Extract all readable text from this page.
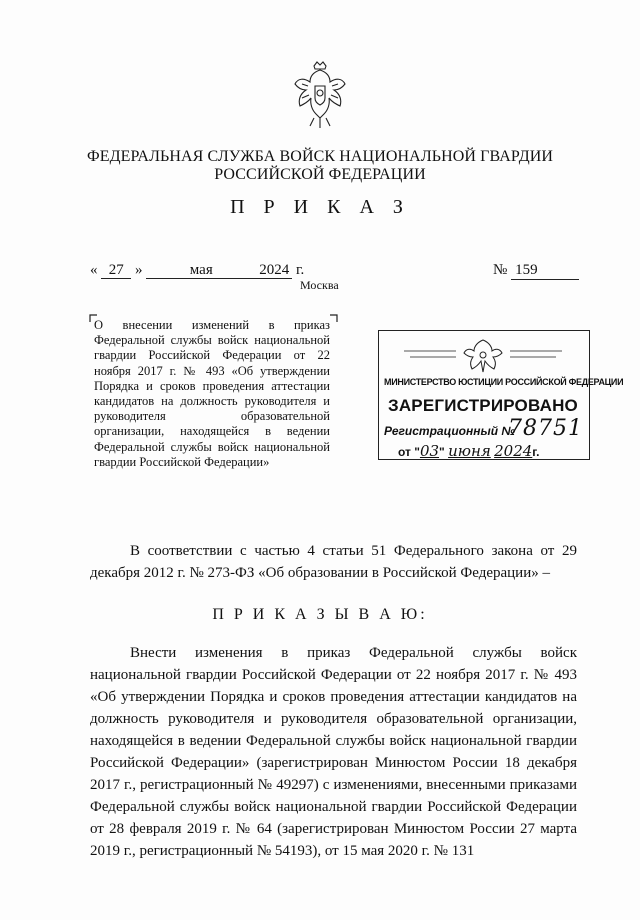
ФЕДЕРАЛЬНАЯ СЛУЖБА ВОЙСК НАЦИОНАЛЬНОЙ ГВАРДИИ
РОССИЙСКОЙ ФЕДЕРАЦИИ
П Р И К А З
« 27 »	мая	2024 г.	№ 159
Москва
О внесении изменений в приказ Федеральной службы войск национальной гвардии Российской Федерации от 22 ноября 2017 г. № 493 «Об утверждении Порядка и сроков проведения аттестации кандидатов на должность руководителя и руководителя образовательной организации, находящейся в ведении Федеральной службы войск национальной гвардии Российской Федерации»
МИНИСТЕРСТВО ЮСТИЦИИ РОССИЙСКОЙ ФЕДЕРАЦИИ
ЗАРЕГИСТРИРОВАНО
Регистрационный №
78751
от "03" июня 2024г.
В соответствии с частью 4 статьи 51 Федерального закона от 29 декабря 2012 г. № 273-ФЗ «Об образовании в Российской Федерации» –
П Р И К А З Ы В А Ю:
Внести изменения в приказ Федеральной службы войск национальной гвардии Российской Федерации от 22 ноября 2017 г. № 493 «Об утверждении Порядка и сроков проведения аттестации кандидатов на должность руководителя и руководителя образовательной организации, находящейся в ведении Федеральной службы войск национальной гвардии Российской Федерации» (зарегистрирован Минюстом России 18 декабря 2017 г., регистрационный № 49297) с изменениями, внесенными приказами Федеральной службы войск национальной гвардии Российской Федерации от 28 февраля 2019 г. № 64 (зарегистрирован Минюстом России 27 марта 2019 г., регистрационный № 54193), от 15 мая 2020 г. № 131
